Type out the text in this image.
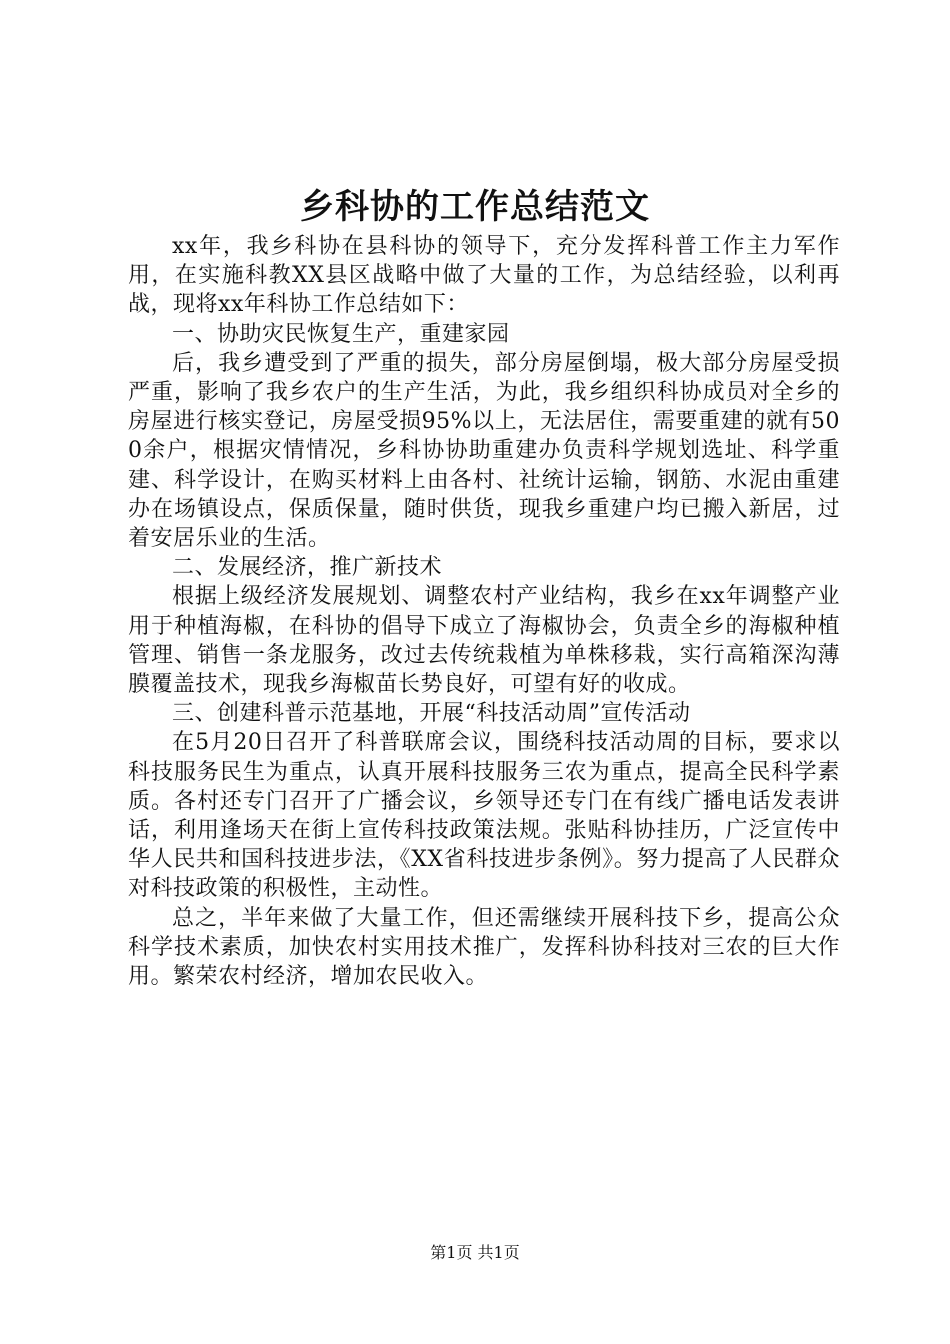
乡科协的工作总结范文

xx年，我乡科协在县科协的领导下，充分发挥科普工作主力军作用，在实施科教XX县区战略中做了大量的工作，为总结经验，以利再战，现将xx年科协工作总结如下：

一、协助灾民恢复生产，重建家园

后，我乡遭受到了严重的损失，部分房屋倒塌，极大部分房屋受损严重，影响了我乡农户的生产生活，为此，我乡组织科协成员对全乡的房屋进行核实登记，房屋受损95%以上，无法居住，需要重建的就有500余户，根据灾情情况，乡科协协助重建办负责科学规划选址、科学重建、科学设计，在购买材料上由各村、社统计运输，钢筋、水泥由重建办在场镇设点，保质保量，随时供货，现我乡重建户均已搬入新居，过着安居乐业的生活。

二、发展经济，推广新技术

根据上级经济发展规划、调整农村产业结构，我乡在xx年调整产业用于种植海椒，在科协的倡导下成立了海椒协会，负责全乡的海椒种植管理、销售一条龙服务，改过去传统栽植为单株移栽，实行高箱深沟薄膜覆盖技术，现我乡海椒苗长势良好，可望有好的收成。

三、创建科普示范基地，开展“科技活动周”宣传活动

在5月20日召开了科普联席会议，围绕科技活动周的目标，要求以科技服务民生为重点，认真开展科技服务三农为重点，提高全民科学素质。各村还专门召开了广播会议，乡领导还专门在有线广播电话发表讲话，利用逢场天在街上宣传科技政策法规。张贴科协挂历，广泛宣传中华人民共和国科技进步法，《XX省科技进步条例》。努力提高了人民群众对科技政策的积极性，主动性。

总之，半年来做了大量工作，但还需继续开展科技下乡，提高公众科学技术素质，加快农村实用技术推广，发挥科协科技对三农的巨大作用。繁荣农村经济，增加农民收入。

第1页 共1页
